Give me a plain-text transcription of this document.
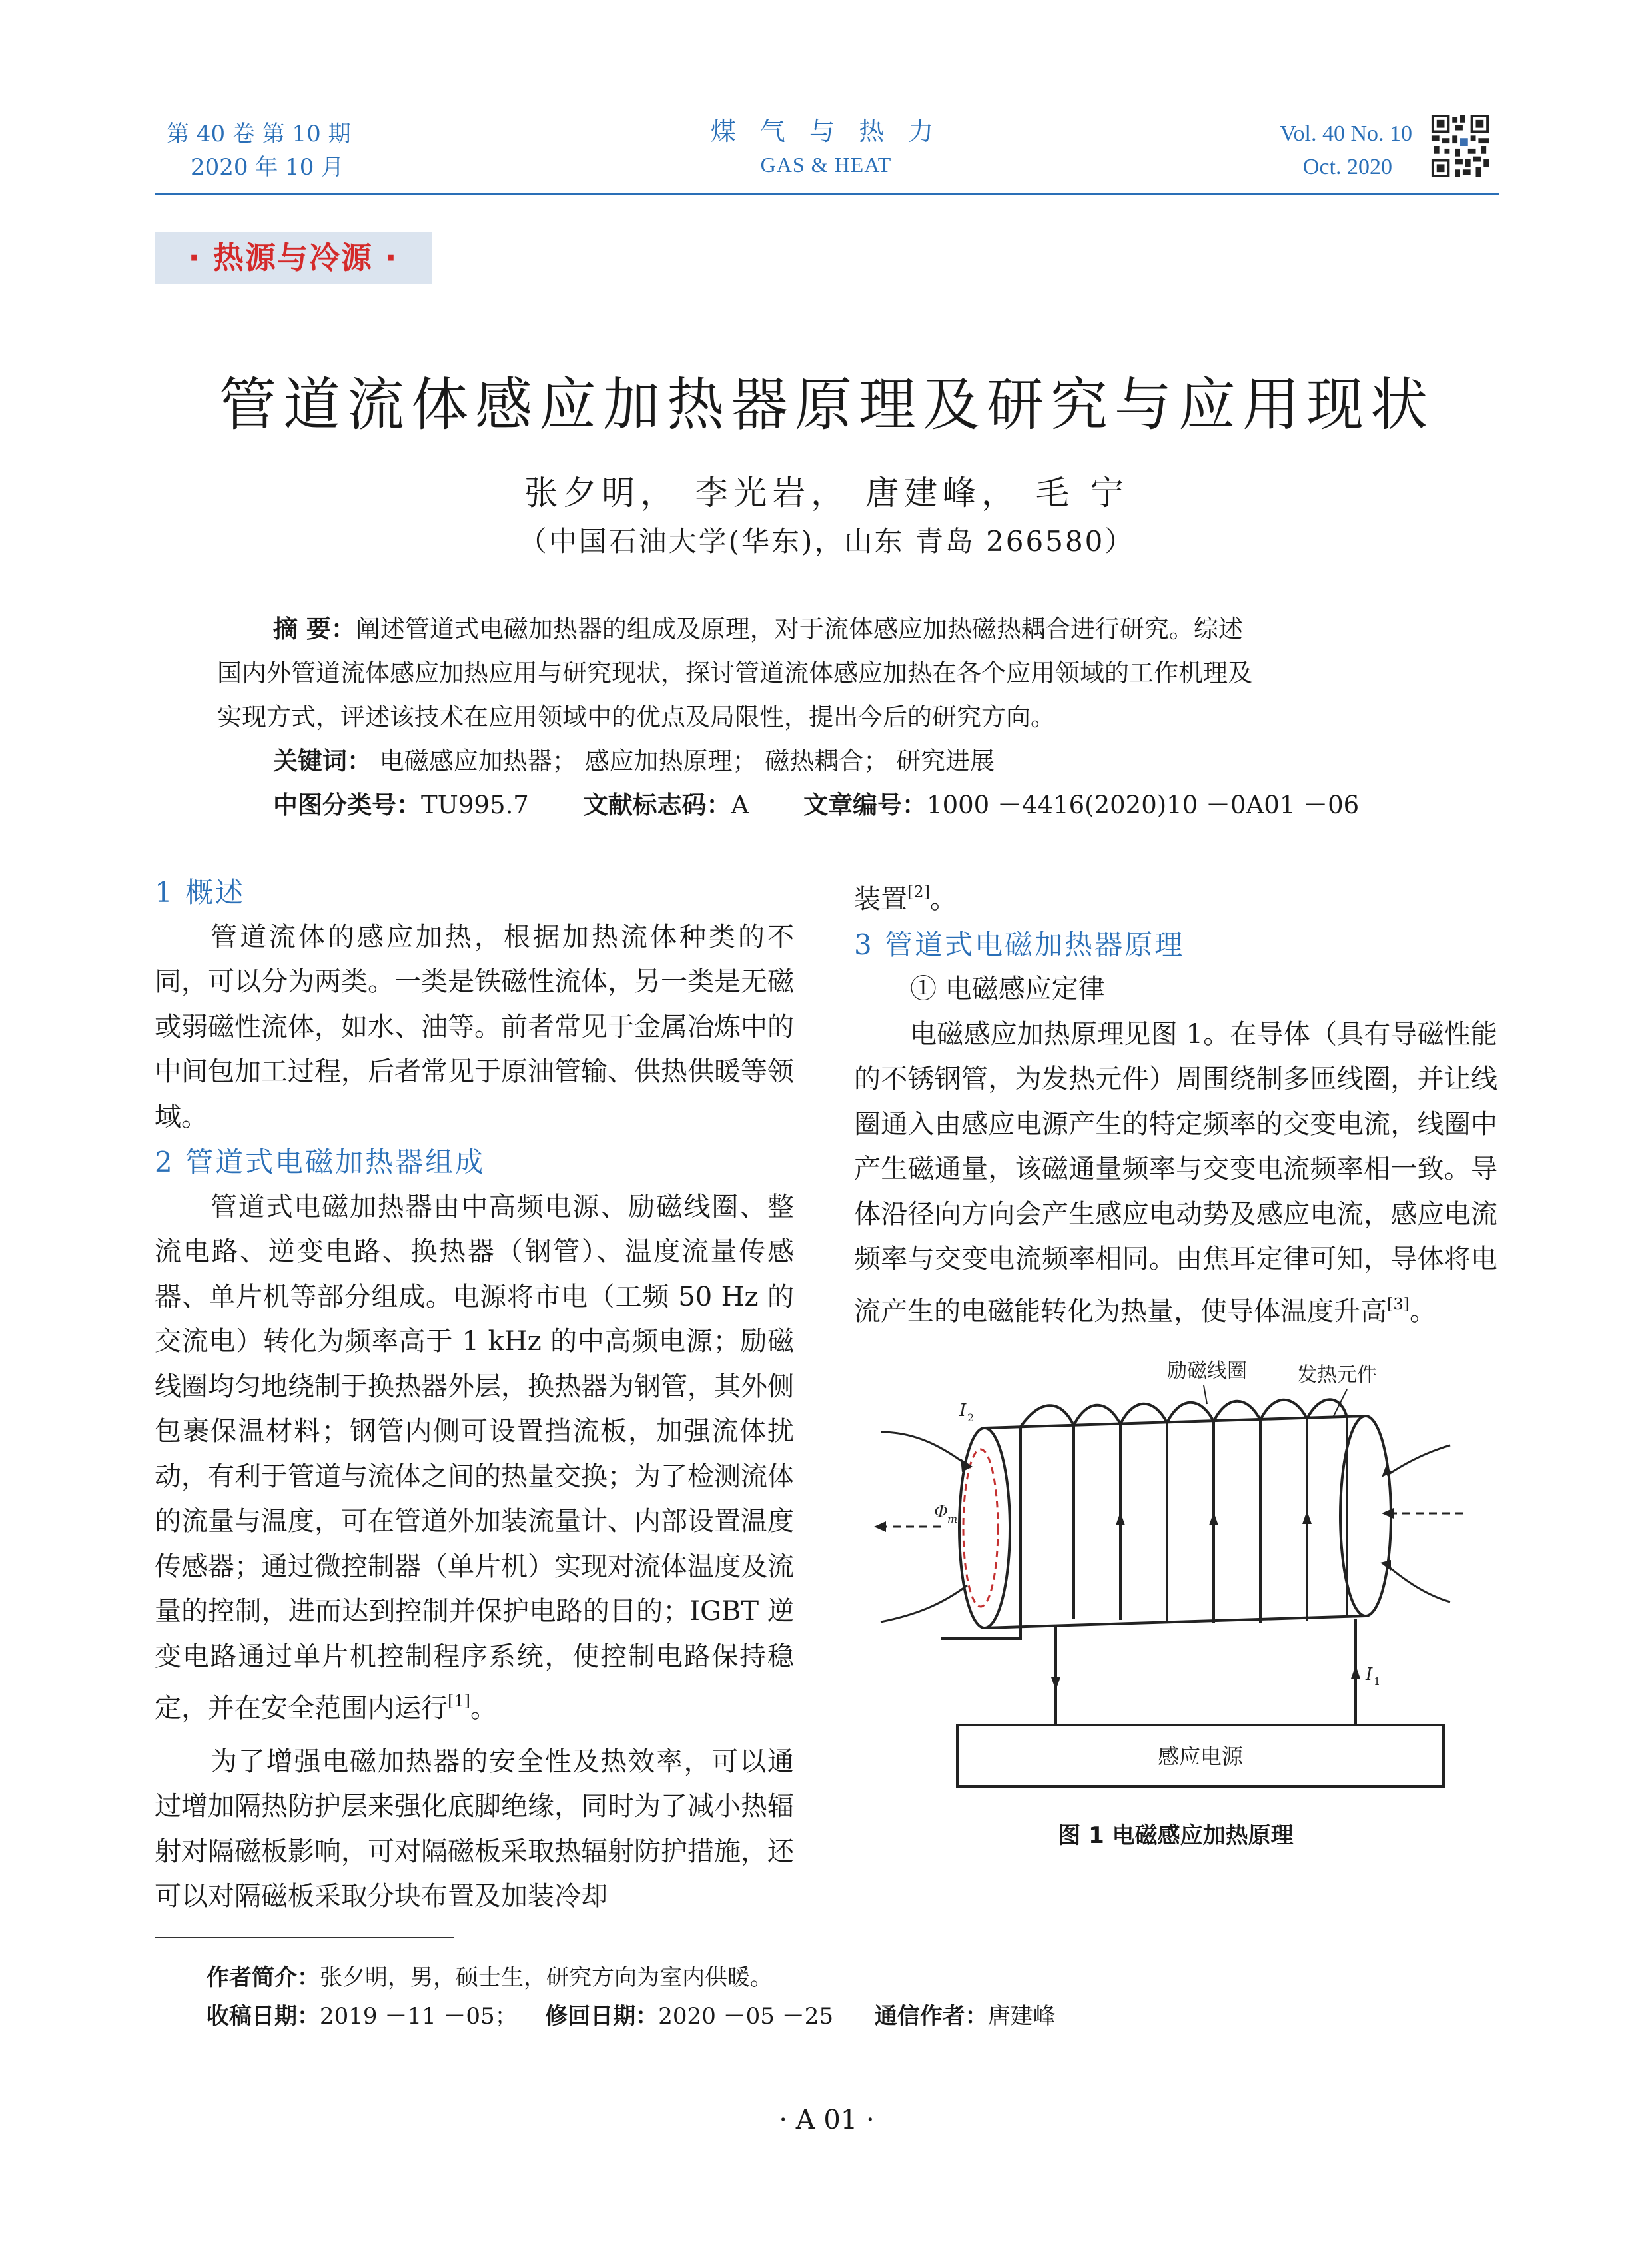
第 40 卷 第 10 期
2020 年 10 月
煤 气 与 热 力
GAS & HEAT
Vol. 40 No. 10
Oct. 2020
· 热源与冷源 ·
管道流体感应加热器原理及研究与应用现状
张夕明， 李光岩， 唐建峰， 毛 宁
（中国石油大学(华东)，山东 青岛 266580）

摘 要：阐述管道式电磁加热器的组成及原理，对于流体感应加热磁热耦合进行研究。综述

国内外管道流体感应加热应用与研究现状，探讨管道流体感应加热在各个应用领域的工作机理及

实现方式，评述该技术在应用领域中的优点及局限性，提出今后的研究方向。

关键词： 电磁感应加热器； 感应加热原理； 磁热耦合； 研究进展
中图分类号：TU995.7 文献标志码：A 文章编号：1000 －4416(2020)10 －0A01 －06
1 概述

管道流体的感应加热，根据加热流体种类的不同，可以分为两类。一类是铁磁性流体，另一类是无磁或弱磁性流体，如水、油等。前者常见于金属冶炼中的中间包加工过程，后者常见于原油管输、供热供暖等领域。

2 管道式电磁加热器组成

管道式电磁加热器由中高频电源、励磁线圈、整流电路、逆变电路、换热器（钢管）、温度流量传感器、单片机等部分组成。电源将市电（工频 50 Hz 的交流电）转化为频率高于 1 kHz 的中高频电源；励磁线圈均匀地绕制于换热器外层，换热器为钢管，其外侧包裹保温材料；钢管内侧可设置挡流板，加强流体扰动，有利于管道与流体之间的热量交换；为了检测流体的流量与温度，可在管道外加装流量计、内部设置温度传感器；通过微控制器（单片机）实现对流体温度及流量的控制，进而达到控制并保护电路的目的；IGBT 逆变电路通过单片机控制程序系统，使控制电路保持稳定，并在安全范围内运行[1]。

为了增强电磁加热器的安全性及热效率，可以通过增加隔热防护层来强化底脚绝缘，同时为了减小热辐射对隔磁板影响，可对隔磁板采取热辐射防护措施，还可以对隔磁板采取分块布置及加装冷却

装置[2]。
3 管道式电磁加热器原理
① 电磁感应定律

电磁感应加热原理见图 1。在导体（具有导磁性能的不锈钢管，为发热元件）周围绕制多匝线圈，并让线圈通入由感应电源产生的特定频率的交变电流，线圈中产生磁通量，该磁通量频率与交变电流频率相一致。导体沿径向方向会产生感应电动势及感应电流，感应电流频率与交变电流频率相同。由焦耳定律可知，导体将电流产生的电磁能转化为热量，使导体温度升高[3]。

感应电源
励磁线圈	发热元件
I 2
Φ
m
I 1
图 1 电磁感应加热原理
作者简介：张夕明，男，硕士生，研究方向为室内供暖。
收稿日期：2019 －11 －05； 修回日期：2020 －05 －25 通信作者：唐建峰
· A 01 ·
